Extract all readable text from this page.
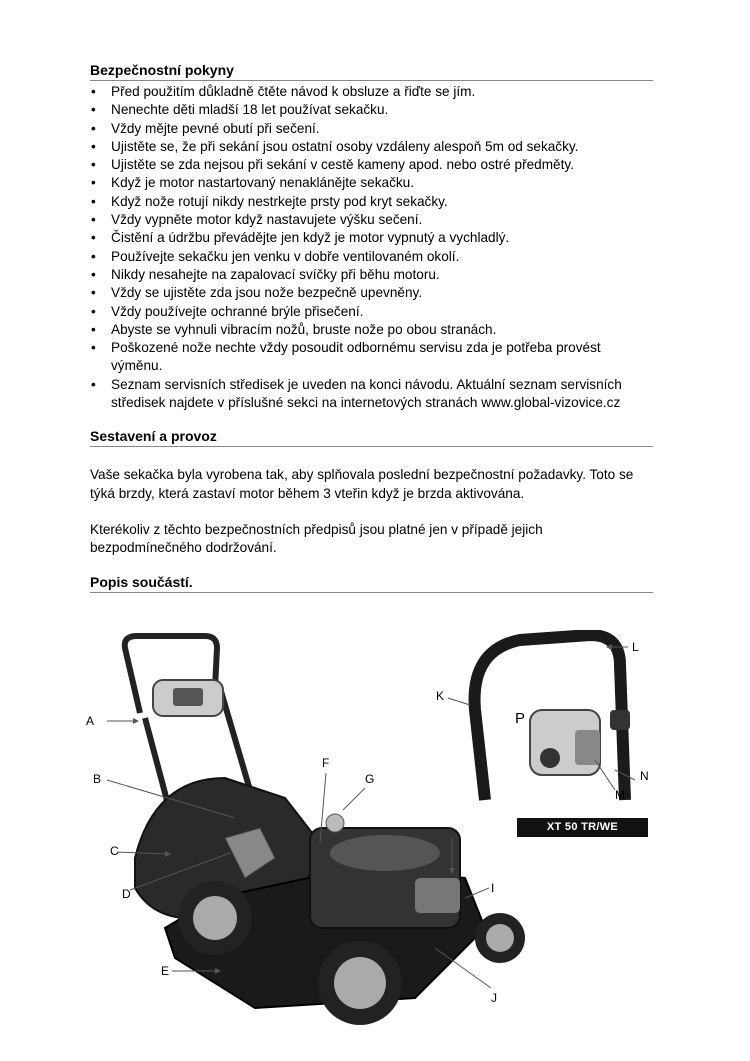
Bezpečnostní pokyny
• Před použitím důkladně čtěte návod k obsluze a řiďte se jím.
• Nenechte děti mladší 18 let používat sekačku.
• Vždy mějte pevné obutí při sečení.
• Ujistěte se, že při sekání jsou ostatní osoby vzdáleny alespoň 5m od sekačky.
• Ujistěte se zda nejsou při sekání v cestě kameny apod. nebo ostré předměty.
• Když je motor nastartovaný nenaklánějte sekačku.
• Když nože rotují nikdy nestrkejte prsty pod kryt sekačky.
• Vždy vypněte motor když nastavujete výšku sečení.
• Čistění a údržbu převádějte jen když je motor vypnutý a vychladlý.
• Používejte sekačku jen venku v dobře ventilovaném okolí.
• Nikdy nesahejte na zapalovací svíčky při běhu motoru.
• Vždy se ujistěte zda jsou nože bezpečně upevněny.
• Vždy používejte ochranné brýle přisečení.
• Abyste se vyhnuli vibracím nožů, bruste nože po obou stranách.
• Poškozené nože nechte vždy posoudit odbornému servisu zda je potřeba provést výměnu.
• Seznam servisních středisek je uveden na konci návodu. Aktuální seznam servisních středisek najdete v příslušné sekci na internetových stranách www.global-vizovice.cz
Sestavení a provoz

Vaše sekačka byla vyrobena tak, aby splňovala poslední bezpečnostní požadavky. Toto se týká brzdy, která zastaví motor během 3 vteřin když je brzda aktivována.

Kterékoliv z těchto bezpečnostních předpisů jsou platné jen v případě jejich bezpodmínečného dodržování.

Popis součástí.
A
B
C
D
E
F
G
I
J
K
L
M
N
P
XT 50 TR/WE
